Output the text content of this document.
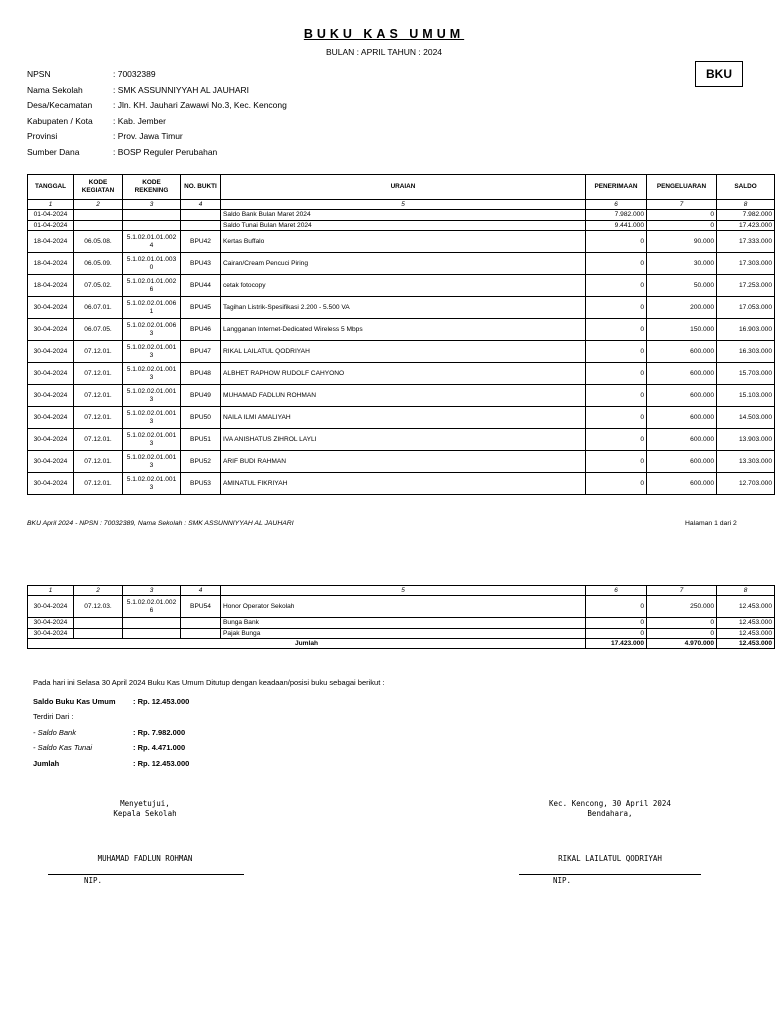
BUKU KAS UMUM
BULAN : APRIL TAHUN : 2024
BKU
NPSN	: 70032389
Nama Sekolah	: SMK ASSUNNIYYAH AL JAUHARI
Desa/Kecamatan	: Jln. KH. Jauhari Zawawi No.3, Kec. Kencong
Kabupaten / Kota	: Kab. Jember
Provinsi	: Prov. Jawa Timur
Sumber Dana	: BOSP Reguler Perubahan
TANGGAL	KODE KEGIATAN	KODE REKENING	NO. BUKTI	URAIAN	PENERIMAAN	PENGELUARAN	SALDO
1	2	3	4	5	6	7	8
01-04-2024				Saldo Bank Bulan Maret 2024	7.982.000	0	7.982.000
01-04-2024				Saldo Tunai Bulan Maret 2024	9.441.000	0	17.423.000
18-04-2024	06.05.08.	5.1.02.01.01.0024	BPU42	Kertas Buffalo	0	90.000	17.333.000
18-04-2024	06.05.09.	5.1.02.01.01.0030	BPU43	Cairan/Cream Pencuci Piring	0	30.000	17.303.000
18-04-2024	07.05.02.	5.1.02.01.01.0026	BPU44	cetak fotocopy	0	50.000	17.253.000
30-04-2024	06.07.01.	5.1.02.02.01.0061	BPU45	Tagihan Listrik-Spesifikasi 2.200 - 5.500 VA	0	200.000	17.053.000
30-04-2024	06.07.05.	5.1.02.02.01.0063	BPU46	Langganan Internet-Dedicated Wireless 5 Mbps	0	150.000	16.903.000
30-04-2024	07.12.01.	5.1.02.02.01.0013	BPU47	RIKAL LAILATUL QODRIYAH	0	600.000	16.303.000
30-04-2024	07.12.01.	5.1.02.02.01.0013	BPU48	ALBHET RAPHOW RUDOLF CAHYONO	0	600.000	15.703.000
30-04-2024	07.12.01.	5.1.02.02.01.0013	BPU49	MUHAMAD FADLUN ROHMAN	0	600.000	15.103.000
30-04-2024	07.12.01.	5.1.02.02.01.0013	BPU50	NAILA ILMI AMALIYAH	0	600.000	14.503.000
30-04-2024	07.12.01.	5.1.02.02.01.0013	BPU51	IVA ANISHATUS ZIHROL LAYLI	0	600.000	13.903.000
30-04-2024	07.12.01.	5.1.02.02.01.0013	BPU52	ARIF BUDI RAHMAN	0	600.000	13.303.000
30-04-2024	07.12.01.	5.1.02.02.01.0013	BPU53	AMINATUL FIKRIYAH	0	600.000	12.703.000
BKU April 2024 - NPSN : 70032389, Nama Sekolah : SMK ASSUNNIYYAH AL JAUHARI	Halaman 1 dari 2
1	2	3	4	5	6	7	8
30-04-2024	07.12.03.	5.1.02.02.01.0026	BPU54	Honor Operator Sekolah	0	250.000	12.453.000
30-04-2024				Bunga Bank	0	0	12.453.000
30-04-2024				Pajak Bunga	0	0	12.453.000
Jumlah					17.423.000	4.970.000	12.453.000
Pada hari ini Selasa 30 April 2024 Buku Kas Umum Ditutup dengan keadaan/posisi buku sebagai berikut :
Saldo Buku Kas Umum : Rp. 12.453.000
Terdiri Dari :
- Saldo Bank	: Rp. 7.982.000
- Saldo Kas Tunai	: Rp. 4.471.000
Jumlah	: Rp. 12.453.000
Menyetujui,
Kepala Sekolah
MUHAMAD FADLUN ROHMAN
NIP.
Kec. Kencong, 30 April 2024
Bendahara,
RIKAL LAILATUL QODRIYAH
NIP.
